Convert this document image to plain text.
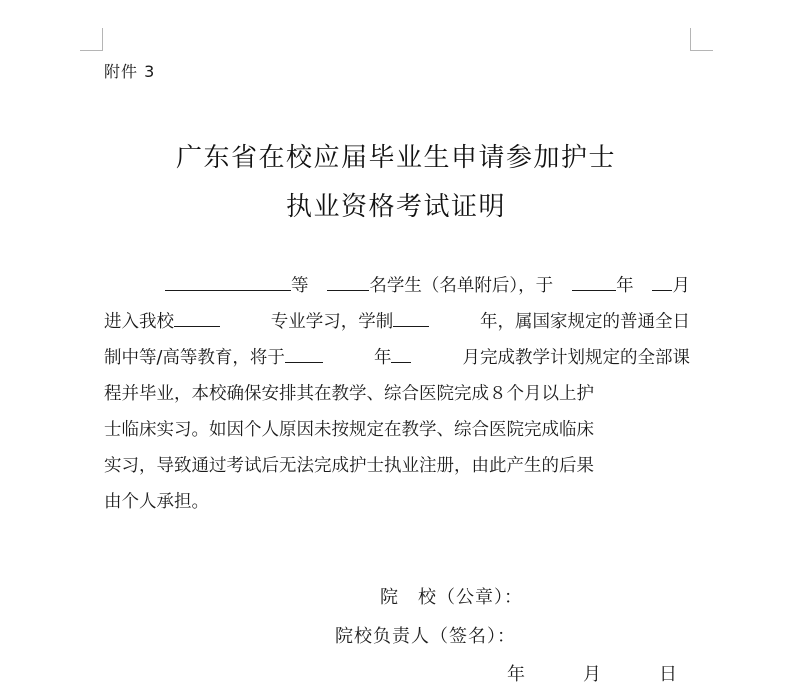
附件 3
广东省在校应届毕业生申请参加护士
执业资格考试证明
等	名学生（名单附后），于	年 月
进入我校	专业学习，学制	年，属国家规定的普通全日
制中等/高等教育，将于	年	月完成教学计划规定的全部课
程并毕业，本校确保安排其在教学、综合医院完成８个月以上护
士临床实习。如因个人原因未按规定在教学、综合医院完成临床
实习，导致通过考试后无法完成护士执业注册，由此产生的后果
由个人承担。
院　校（公章）：
院校负责人（签名）：
年　　　月　　　日
